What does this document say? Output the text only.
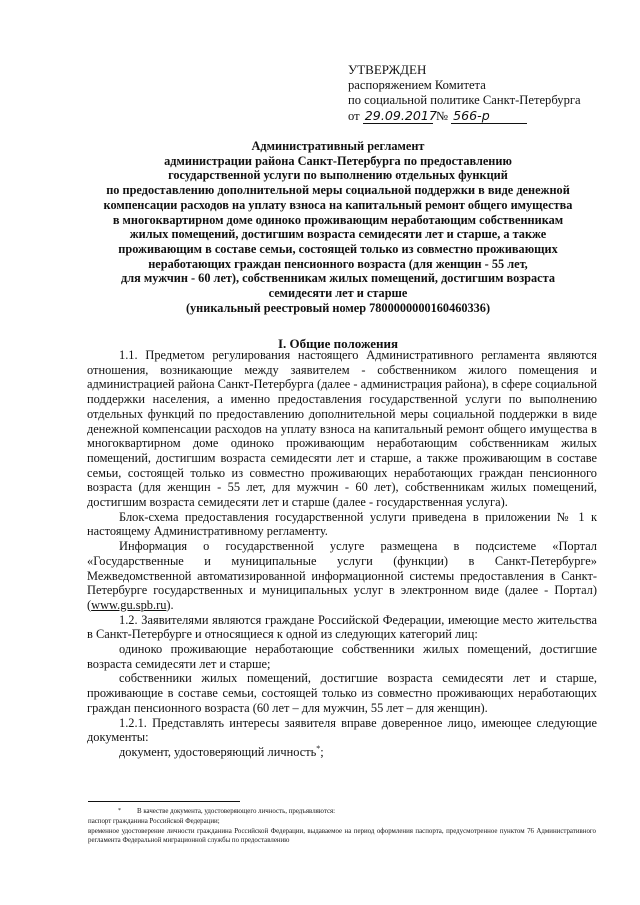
УТВЕРЖДЕН
распоряжением Комитета
по социальной политике Санкт-Петербурга
от 29.09.2017 № 566-р
Административный регламент
администрации района Санкт-Петербурга по предоставлению
государственной услуги по выполнению отдельных функций
по предоставлению дополнительной меры социальной поддержки в виде денежной
компенсации расходов на уплату взноса на капитальный ремонт общего имущества
в многоквартирном доме одиноко проживающим неработающим собственникам
жилых помещений, достигшим возраста семидесяти лет и старше, а также
проживающим в составе семьи, состоящей только из совместно проживающих
неработающих граждан пенсионного возраста (для женщин - 55 лет,
для мужчин - 60 лет), собственникам жилых помещений, достигшим возраста
семидесяти лет и старше
(уникальный реестровый номер 7800000000160460336)
I. Общие положения

1.1. Предметом регулирования настоящего Административного регламента являются отношения, возникающие между заявителем - собственником жилого помещения и администрацией района Санкт-Петербурга (далее - администрация района), в сфере социальной поддержки населения, а именно предоставления государственной услуги по выполнению отдельных функций по предоставлению дополнительной меры социальной поддержки в виде денежной компенсации расходов на уплату взноса на капитальный ремонт общего имущества в многоквартирном доме одиноко проживающим неработающим собственникам жилых помещений, достигшим возраста семидесяти лет и старше, а также проживающим в составе семьи, состоящей только из совместно проживающих неработающих граждан пенсионного возраста (для женщин - 55 лет, для мужчин - 60 лет), собственникам жилых помещений, достигшим возраста семидесяти лет и старше (далее - государственная услуга).

Блок-схема предоставления государственной услуги приведена в приложении № 1 к настоящему Административному регламенту.

Информация о государственной услуге размещена в подсистеме «Портал «Государственные и муниципальные услуги (функции) в Санкт-Петербурге» Межведомственной автоматизированной информационной системы предоставления в Санкт-Петербурге государственных и муниципальных услуг в электронном виде (далее - Портал) (www.gu.spb.ru).

1.2. Заявителями являются граждане Российской Федерации, имеющие место жительства в Санкт-Петербурге и относящиеся к одной из следующих категорий лиц:

одиноко проживающие неработающие собственники жилых помещений, достигшие возраста семидесяти лет и старше;

собственники жилых помещений, достигшие возраста семидесяти лет и старше, проживающие в составе семьи, состоящей только из совместно проживающих неработающих граждан пенсионного возраста (60 лет – для мужчин, 55 лет – для женщин).

1.2.1. Представлять интересы заявителя вправе доверенное лицо, имеющее следующие документы:

документ, удостоверяющий личность*;

* В качестве документа, удостоверяющего личность, предъявляются:

паспорт гражданина Российской Федерации;

временное удостоверение личности гражданина Российской Федерации, выдаваемое на период оформления паспорта, предусмотренное пунктом 76 Административного регламента Федеральной миграционной службы по предоставлению
